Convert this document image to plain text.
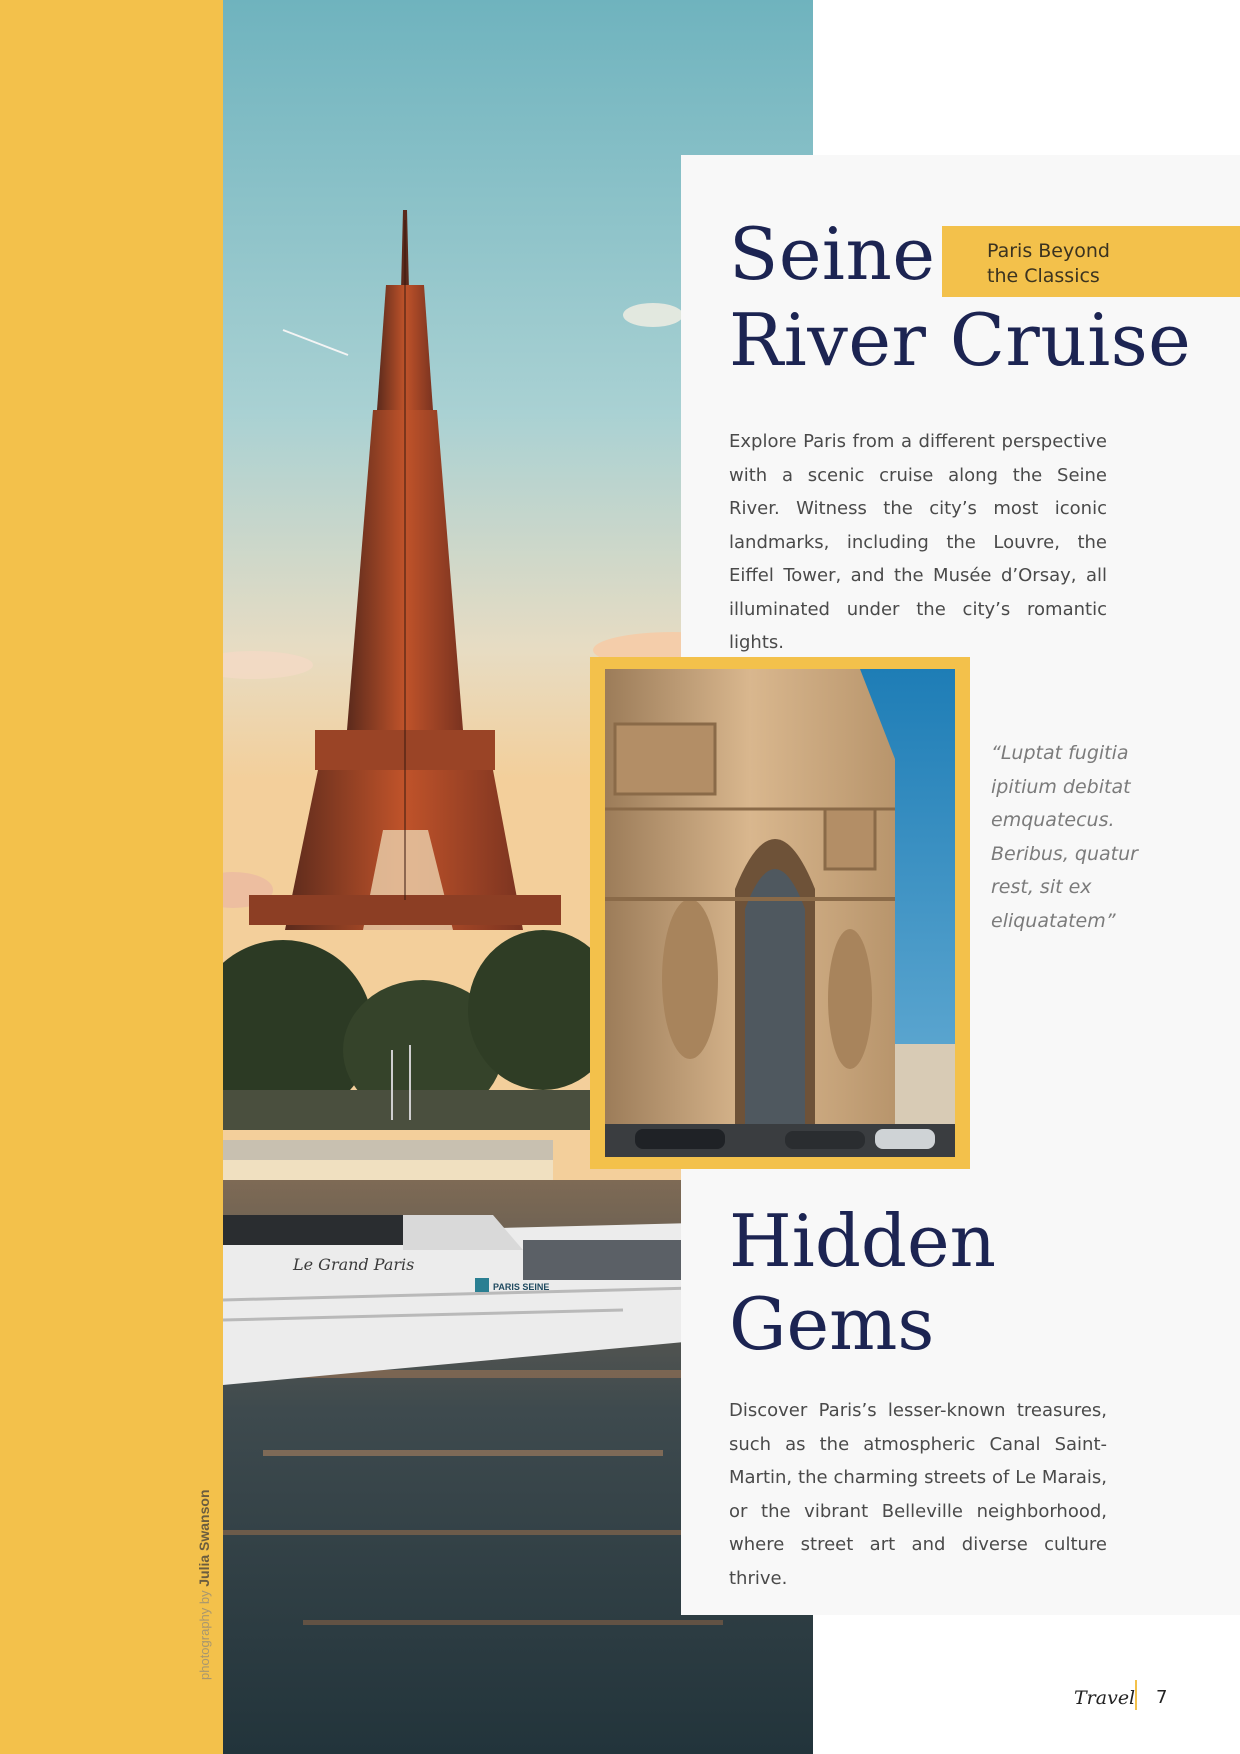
photography by Julia Swanson
Le Grand Paris
PARIS SEINE
Seine
River Cruise
Paris Beyond the Classics

Explore Paris from a different perspective with a scenic cruise along the Seine River. Witness the city’s most iconic landmarks, including the Louvre, the Eiffel Tower, and the Musée d’Orsay, all illuminated under the city’s romantic lights.

“Luptat fugitia ipitium debitat emquatecus. Beribus, quatur rest, sit ex eliquatatem”

Hidden
Gems

Discover Paris’s lesser-known treasures, such as the atmospheric Canal Saint-Martin, the charming streets of Le Marais, or the vibrant Belleville neighborhood, where street art and diverse culture thrive.

Travel 7
